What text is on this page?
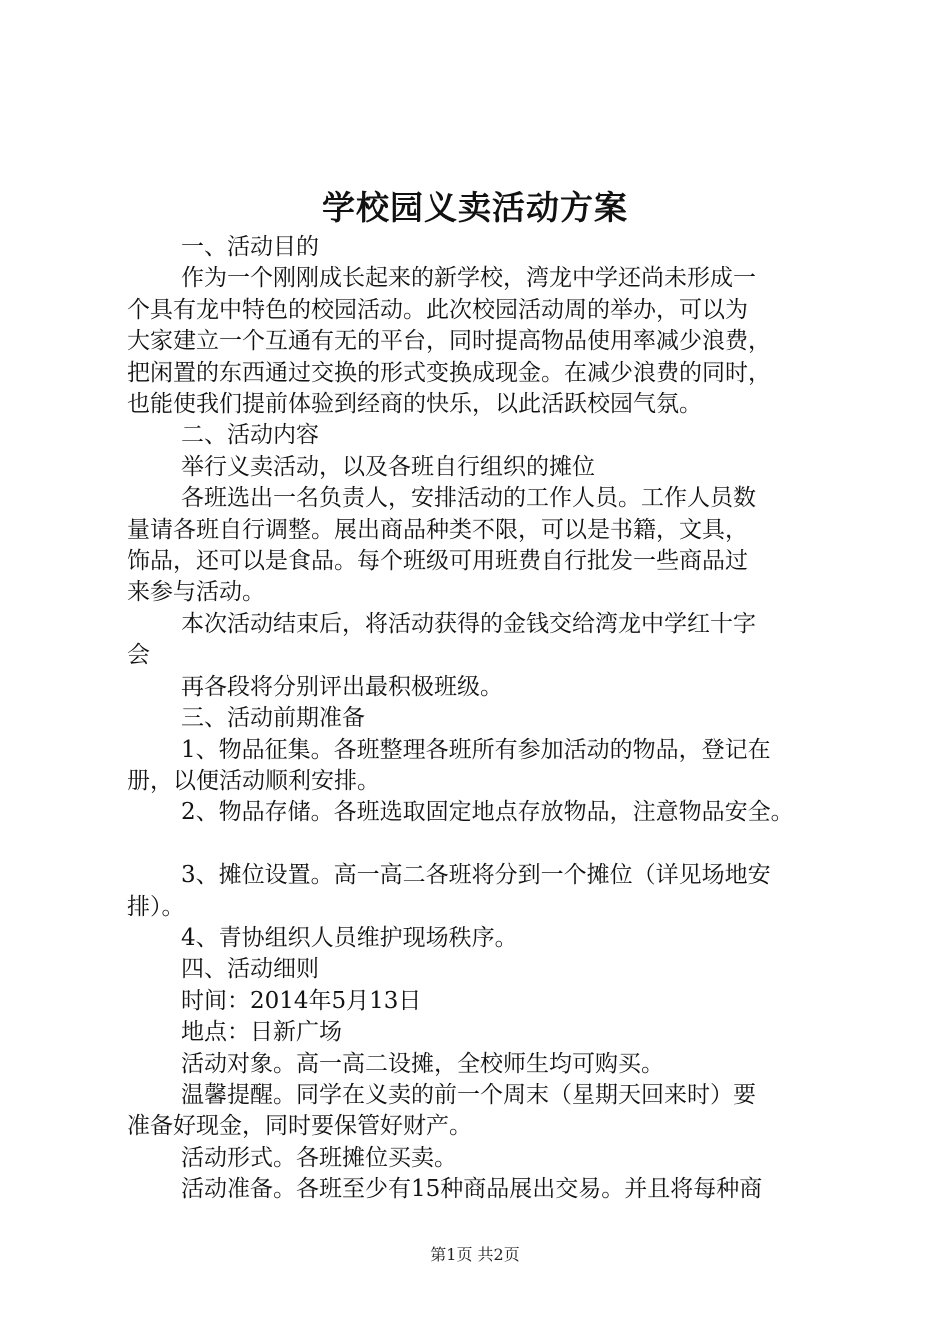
学校园义卖活动方案

一、活动目的

作为一个刚刚成长起来的新学校，湾龙中学还尚未形成一

个具有龙中特色的校园活动。此次校园活动周的举办，可以为

大家建立一个互通有无的平台，同时提高物品使用率减少浪费，

把闲置的东西通过交换的形式变换成现金。在减少浪费的同时，

也能使我们提前体验到经商的快乐，以此活跃校园气氛。

二、活动内容

举行义卖活动，以及各班自行组织的摊位

各班选出一名负责人，安排活动的工作人员。工作人员数

量请各班自行调整。展出商品种类不限，可以是书籍，文具，

饰品，还可以是食品。每个班级可用班费自行批发一些商品过

来参与活动。

本次活动结束后，将活动获得的金钱交给湾龙中学红十字

会

再各段将分别评出最积极班级。

三、活动前期准备

1、物品征集。各班整理各班所有参加活动的物品，登记在

册，以便活动顺利安排。

2、物品存储。各班选取固定地点存放物品，注意物品安全。

3、摊位设置。高一高二各班将分到一个摊位（详见场地安

排）。

4、青协组织人员维护现场秩序。

四、活动细则

时间：2014年5月13日

地点：日新广场

活动对象。高一高二设摊，全校师生均可购买。

温馨提醒。同学在义卖的前一个周末（星期天回来时）要

准备好现金，同时要保管好财产。

活动形式。各班摊位买卖。

活动准备。各班至少有15种商品展出交易。并且将每种商

第1页 共2页
